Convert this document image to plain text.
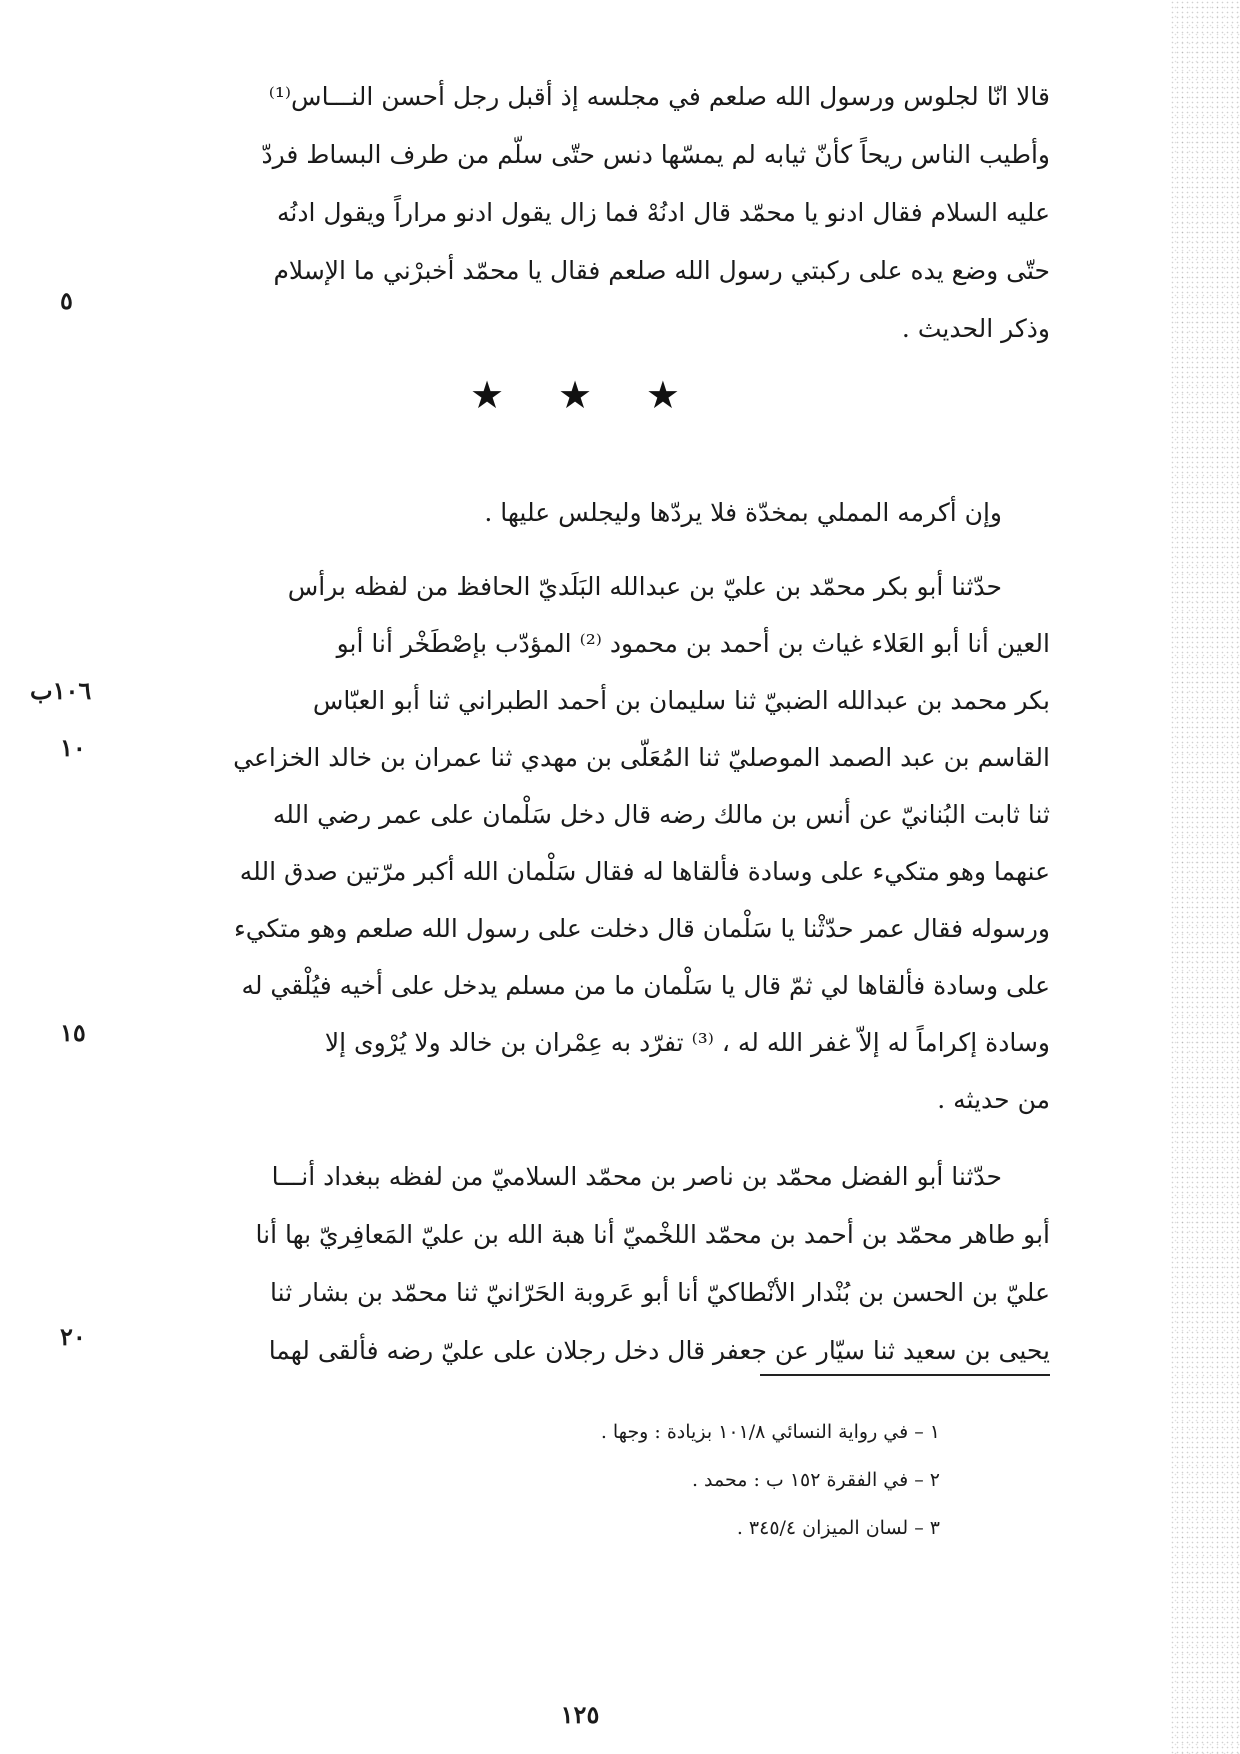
قالا انّا لجلوس ورسول الله صلعم في مجلسه إذ أقبل رجل أحسن النـــاس⁽¹⁾
وأطيب الناس ريحاً كأنّ ثيابه لم يمسّها دنس حتّى سلّم من طرف البساط فردّ
عليه السلام فقال ادنو يا محمّد قال ادنُهْ فما زال يقول ادنو مراراً ويقول ادنُه
حتّى وضع يده على ركبتي رسول الله صلعم فقال يا محمّد أخبرْني ما الإسلام
وذكر الحديث .
٥
★ ★ ★
وإن أكرمه المملي بمخدّة فلا يردّها وليجلس عليها .
حدّثنا أبو بكر محمّد بن عليّ بن عبدالله البَلَديّ الحافظ من لفظه برأس
العين أنا أبو العَلاء غياث بن أحمد بن محمود ⁽²⁾ المؤدّب بإصْطَخْر أنا أبو
بكر محمد بن عبدالله الضبيّ ثنا سليمان بن أحمد الطبراني ثنا أبو العبّاس
القاسم بن عبد الصمد الموصليّ ثنا المُعَلّى بن مهدي ثنا عمران بن خالد الخزاعي
ثنا ثابت البُنانيّ عن أنس بن مالك رضه قال دخل سَلْمان على عمر رضي الله
عنهما وهو متكيء على وسادة فألقاها له فقال سَلْمان الله أكبر مرّتين صدق الله
ورسوله فقال عمر حدّثْنا يا سَلْمان قال دخلت على رسول الله صلعم وهو متكيء
على وسادة فألقاها لي ثمّ قال يا سَلْمان ما من مسلم يدخل على أخيه فيُلْقي له
وسادة إكراماً له إلاّ غفر الله له ، ⁽³⁾ تفرّد به عِمْران بن خالد ولا يُرْوى إلا
من حديثه .
١٠٦ب
١٠
١٥
حدّثنا أبو الفضل محمّد بن ناصر بن محمّد السلاميّ من لفظه ببغداد أنـــا
أبو طاهر محمّد بن أحمد بن محمّد اللخْميّ أنا هبة الله بن عليّ المَعافِريّ بها أنا
عليّ بن الحسن بن بُنْدار الأنْطاكيّ أنا أبو عَروبة الحَرّانيّ ثنا محمّد بن بشار ثنا
يحيى بن سعيد ثنا سيّار عن جعفر قال دخل رجلان على عليّ رضه فألقى لهما
٢٠
١ – في رواية النسائي ١٠١/٨ بزيادة : وجها .
٢ – في الفقرة ١٥٢ ب : محمد .
٣ – لسان الميزان ٣٤٥/٤ .
١٢٥
